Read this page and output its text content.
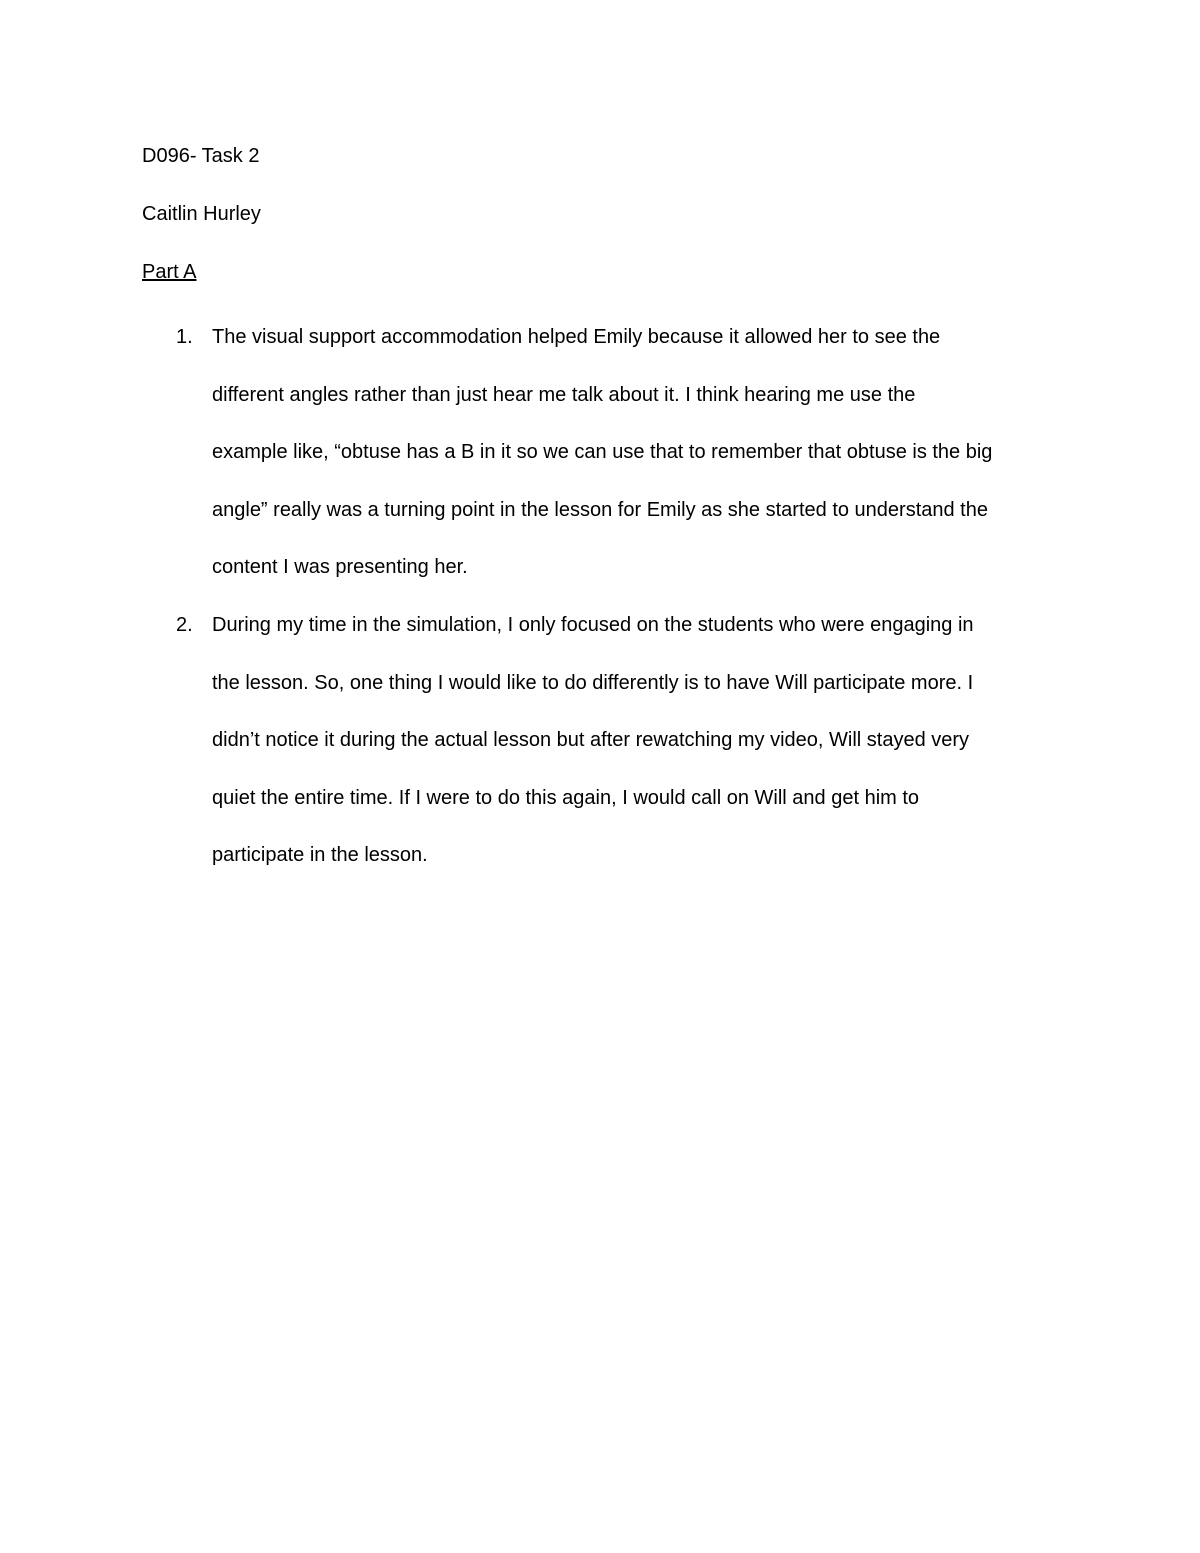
D096- Task 2
Caitlin Hurley
Part A
1. The visual support accommodation helped Emily because it allowed her to see the
different angles rather than just hear me talk about it. I think hearing me use the
example like, “obtuse has a B in it so we can use that to remember that obtuse is the big
angle” really was a turning point in the lesson for Emily as she started to understand the
content I was presenting her.
2. During my time in the simulation, I only focused on the students who were engaging in
the lesson. So, one thing I would like to do differently is to have Will participate more. I
didn’t notice it during the actual lesson but after rewatching my video, Will stayed very
quiet the entire time. If I were to do this again, I would call on Will and get him to
participate in the lesson.
